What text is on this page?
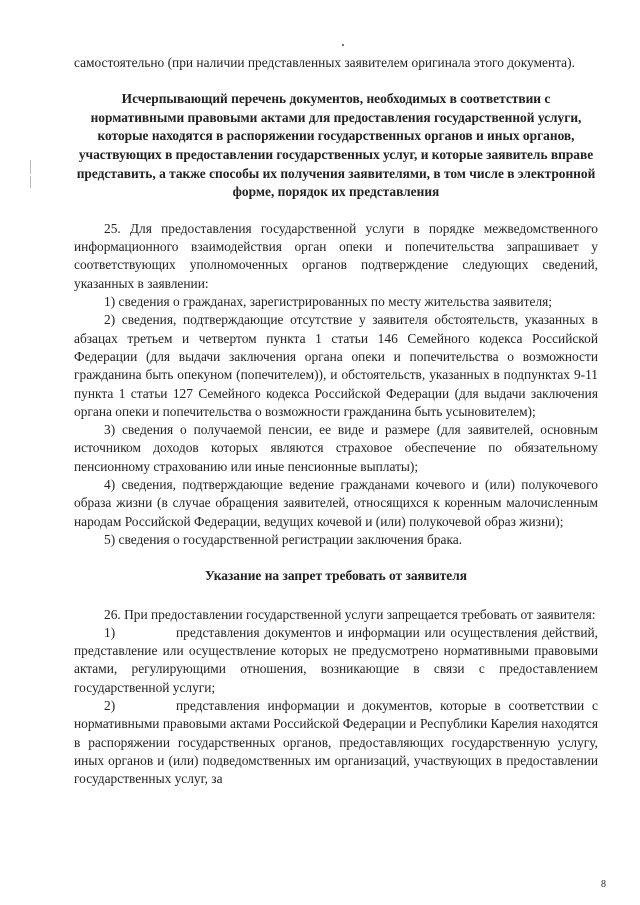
самостоятельно (при наличии представленных заявителем оригинала этого документа).

Исчерпывающий перечень документов, необходимых в соответствии с нормативными правовыми актами для предоставления государственной услуги, которые находятся в распоряжении государственных органов и иных органов, участвующих в предоставлении государственных услуг, и которые заявитель вправе представить, а также способы их получения заявителями, в том числе в электронной форме, порядок их представления

25. Для предоставления государственной услуги в порядке межведомственного информационного взаимодействия орган опеки и попечительства запрашивает у соответствующих уполномоченных органов подтверждение следующих сведений, указанных в заявлении:

1) сведения о гражданах, зарегистрированных по месту жительства заявителя;

2) сведения, подтверждающие отсутствие у заявителя обстоятельств, указанных в абзацах третьем и четвертом пункта 1 статьи 146 Семейного кодекса Российской Федерации (для выдачи заключения органа опеки и попечительства о возможности гражданина быть опекуном (попечителем)), и обстоятельств, указанных в подпунктах 9-11 пункта 1 статьи 127 Семейного кодекса Российской Федерации (для выдачи заключения органа опеки и попечительства о возможности гражданина быть усыновителем);

3) сведения о получаемой пенсии, ее виде и размере (для заявителей, основным источником доходов которых являются страховое обеспечение по обязательному пенсионному страхованию или иные пенсионные выплаты);

4) сведения, подтверждающие ведение гражданами кочевого и (или) полукочевого образа жизни (в случае обращения заявителей, относящихся к коренным малочисленным народам Российской Федерации, ведущих кочевой и (или) полукочевой образ жизни);

5) сведения о государственной регистрации заключения брака.

Указание на запрет требовать от заявителя

26. При предоставлении государственной услуги запрещается требовать от заявителя:

1)	представления документов и информации или осуществления действий, представление или осуществление которых не предусмотрено нормативными правовыми актами, регулирующими отношения, возникающие в связи с предоставлением государственной услуги;

2)	представления информации и документов, которые в соответствии с нормативными правовыми актами Российской Федерации и Республики Карелия находятся в распоряжении государственных органов, предоставляющих государственную услугу, иных органов и (или) подведомственных им организаций, участвующих в предоставлении государственных услуг, за

8
